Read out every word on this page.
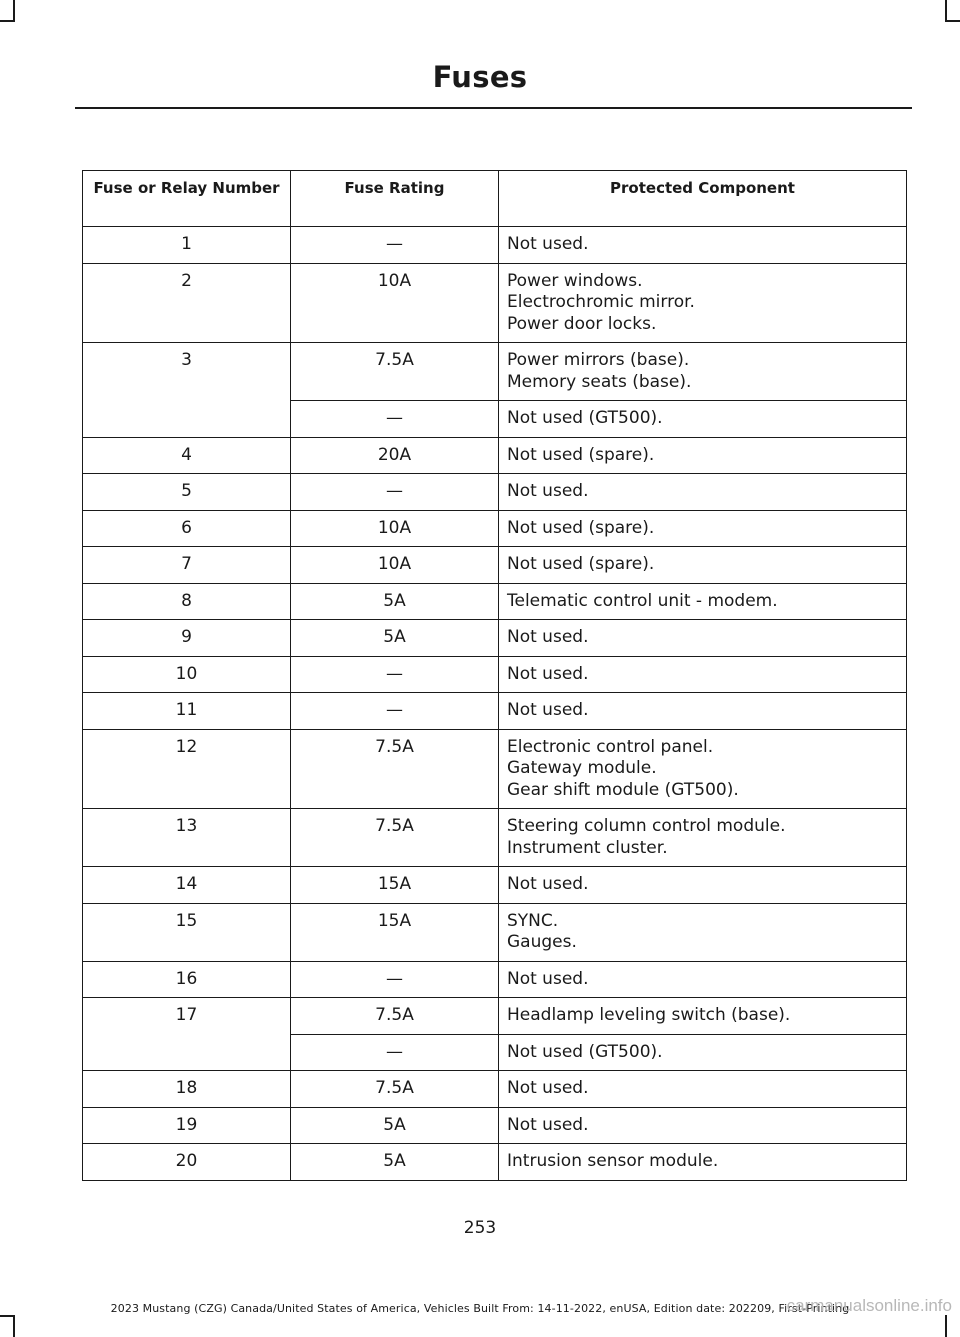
Fuses
Fuse or Relay Number	Fuse Rating	Protected Component
1	—	Not used.

2	10A	Power windows.
Electrochromic mirror.
Power door locks.

3	7.5A	Power mirrors (base).
Memory seats (base).

	—	Not used (GT500).

4	20A	Not used (spare).

5	—	Not used.

6	10A	Not used (spare).

7	10A	Not used (spare).

8	5A	Telematic control unit - modem.

9	5A	Not used.

10	—	Not used.

11	—	Not used.

12	7.5A	Electronic control panel.
Gateway module.
Gear shift module (GT500).

13	7.5A	Steering column control module.
Instrument cluster.

14	15A	Not used.

15	15A	SYNC.
Gauges.

16	—	Not used.

17	7.5A	Headlamp leveling switch (base).

	—	Not used (GT500).

18	7.5A	Not used.

19	5A	Not used.

20	5A	Intrusion sensor module.
253
2023 Mustang (CZG) Canada/United States of America, Vehicles Built From: 14-11-2022, enUSA, Edition date: 202209, First-Printing
carmanualsonline.info
